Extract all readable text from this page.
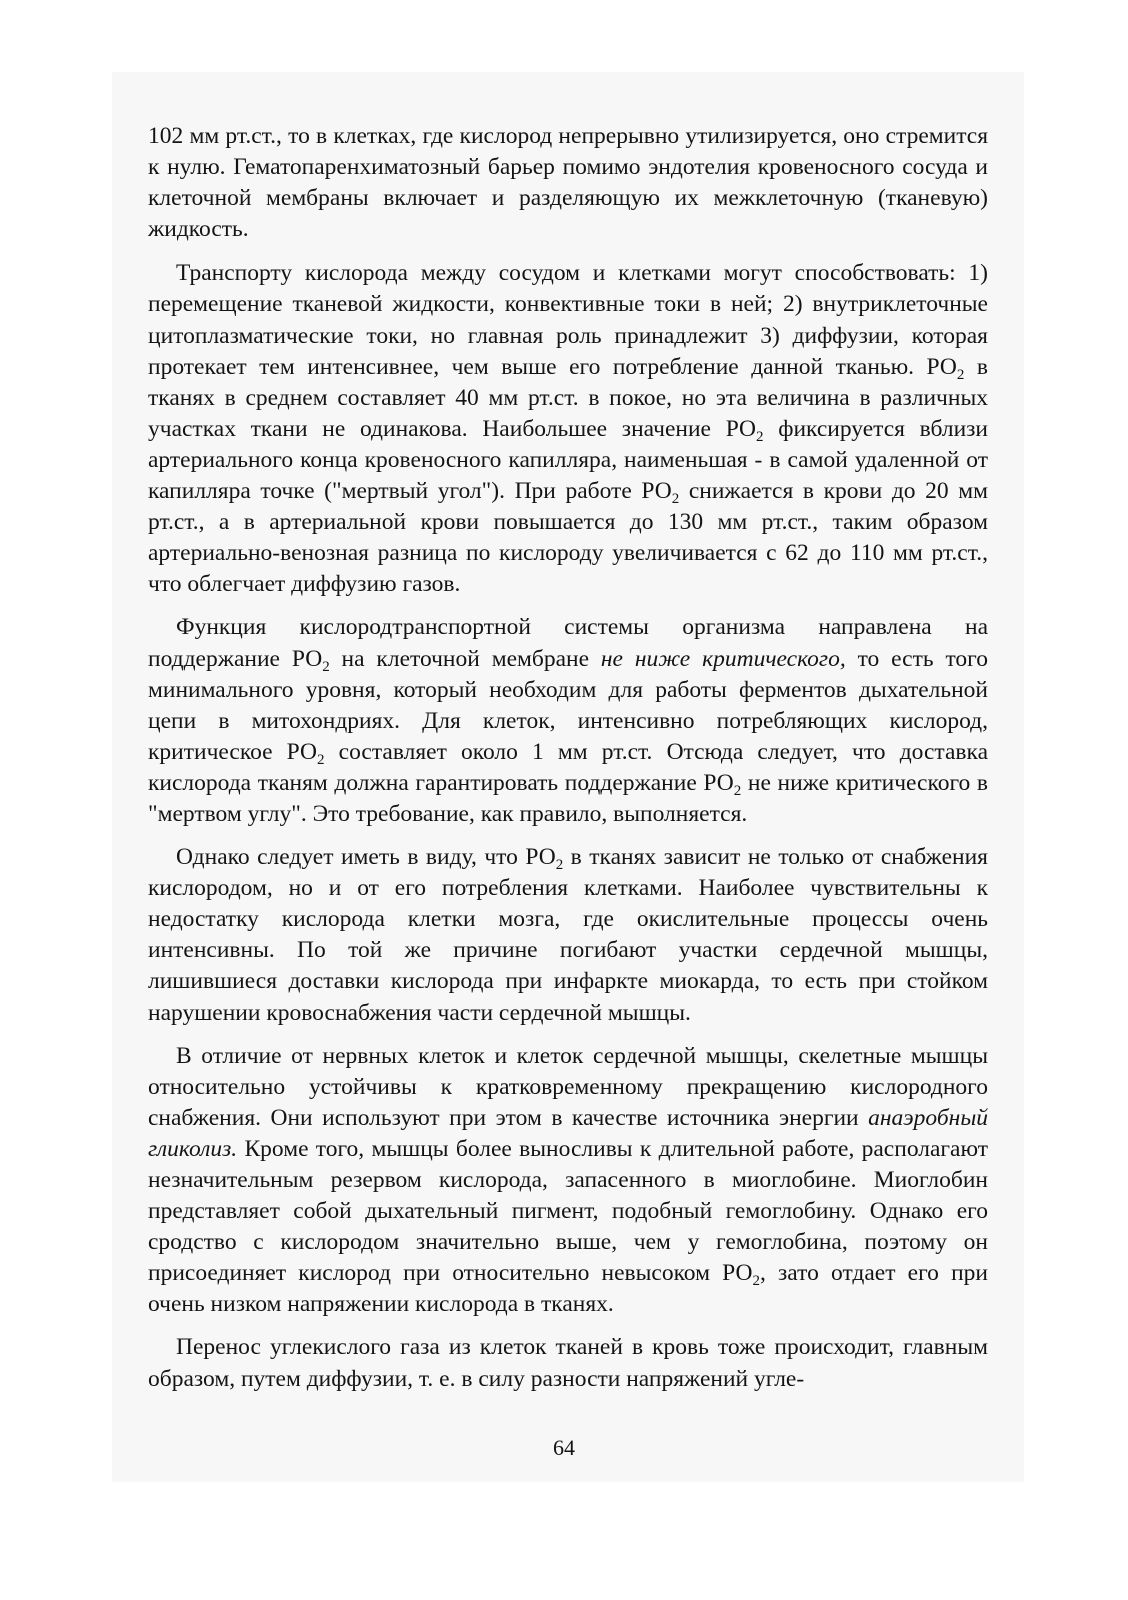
102 мм рт.ст., то в клетках, где кислород непрерывно утилизируется, оно стремится к нулю. Гематопаренхиматозный барьер помимо эндотелия кровеносного сосуда и клеточной мембраны включает и разделяющую их межклеточную (тканевую) жидкость.

Транспорту кислорода между сосудом и клетками могут способствовать: 1) перемещение тканевой жидкости, конвективные токи в ней; 2) внутриклеточные цитоплазматические токи, но главная роль принадлежит 3) диффузии, которая протекает тем интенсивнее, чем выше его потребление данной тканью. $РО_2$ в тканях в среднем составляет 40 мм рт.ст. в покое, но эта величина в различных участках ткани не одинакова. Наибольшее значение $РО_2$ фиксируется вблизи артериального конца кровеносного капилляра, наименьшая - в самой удаленной от капилляра точке ("мертвый угол"). При работе $РО_2$ снижается в крови до 20 мм рт.ст., а в артериальной крови повышается до 130 мм рт.ст., таким образом артериально-венозная разница по кислороду увеличивается с 62 до 110 мм рт.ст., что облегчает диффузию газов.

Функция кислородтранспортной системы организма направлена на поддержание $РО_2$ на клеточной мембране не ниже критического, то есть того минимального уровня, который необходим для работы ферментов дыхательной цепи в митохондриях. Для клеток, интенсивно потребляющих кислород, критическое $РО_2$ составляет около 1 мм рт.ст. Отсюда следует, что доставка кислорода тканям должна гарантировать поддержание $РО_2$ не ниже критического в "мертвом углу". Это требование, как правило, выполняется.

Однако следует иметь в виду, что $РО_2$ в тканях зависит не только от снабжения кислородом, но и от его потребления клетками. Наиболее чувствительны к недостатку кислорода клетки мозга, где окислительные процессы очень интенсивны. По той же причине погибают участки сердечной мышцы, лишившиеся доставки кислорода при инфаркте миокарда, то есть при стойком нарушении кровоснабжения части сердечной мышцы.

В отличие от нервных клеток и клеток сердечной мышцы, скелетные мышцы относительно устойчивы к кратковременному прекращению кислородного снабжения. Они используют при этом в качестве источника энергии анаэробный гликолиз. Кроме того, мышцы более выносливы к длительной работе, располагают незначительным резервом кислорода, запасенного в миоглобине. Миоглобин представляет собой дыхательный пигмент, подобный гемоглобину. Однако его сродство с кислородом значительно выше, чем у гемоглобина, поэтому он присоединяет кислород при относительно невысоком $РО_2$, зато отдает его при очень низком напряжении кислорода в тканях.

Перенос углекислого газа из клеток тканей в кровь тоже происходит, главным образом, путем диффузии, т. е. в силу разности напряжений угле-

64
